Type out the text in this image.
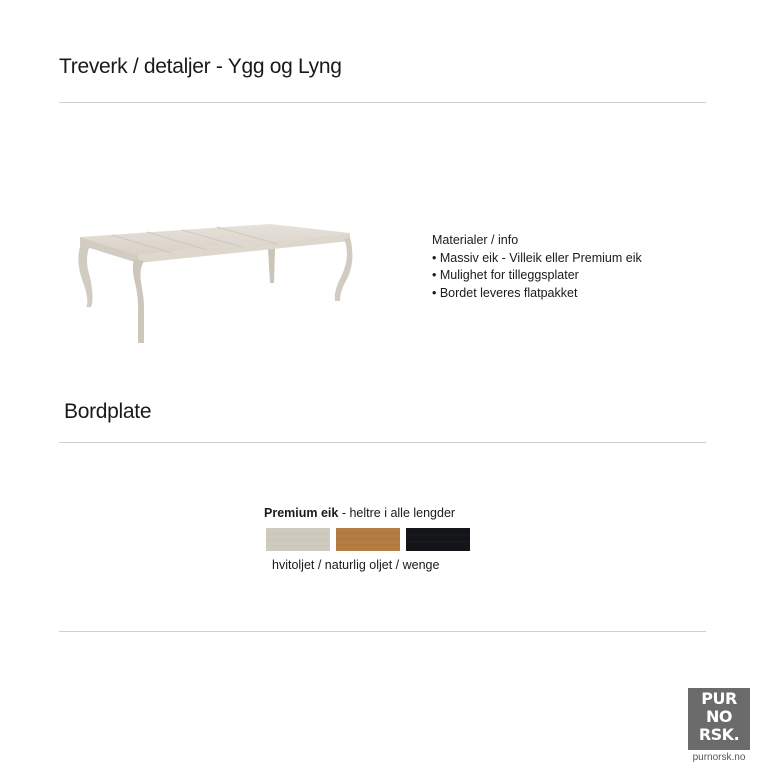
Treverk / detaljer - Ygg og Lyng
Materialer / info
• Massiv eik - Villeik eller Premium eik
• Mulighet for tilleggsplater
• Bordet leveres flatpakket
Bordplate
Premium eik - heltre i alle lengder
hvitoljet / naturlig oljet / wenge
PUR
NO
RSK.
purnorsk.no
